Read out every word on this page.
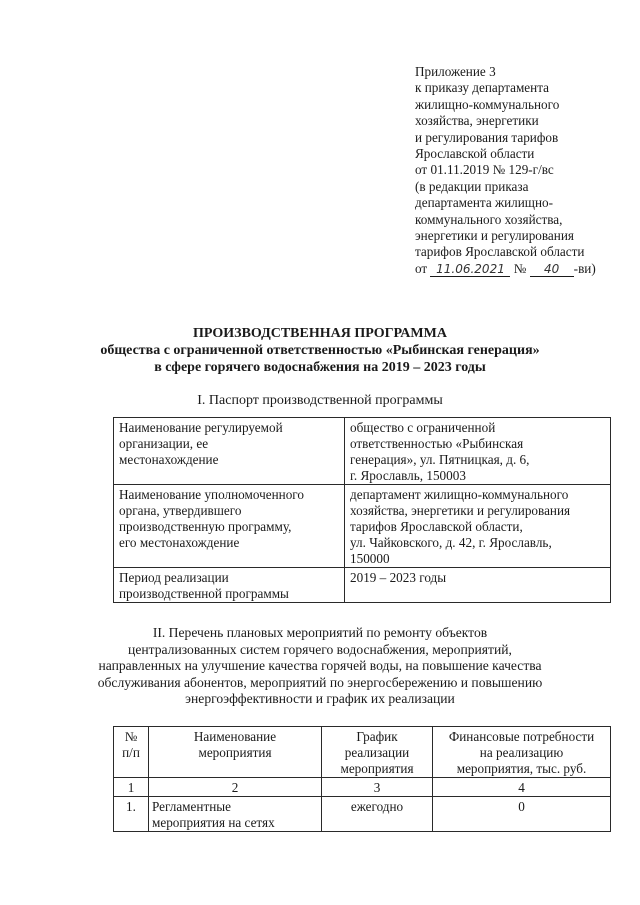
Приложение 3
к приказу департамента
жилищно-коммунального
хозяйства, энергетики
и регулирования тарифов
Ярославской области
от 01.11.2019 № 129-г/вс
(в редакции приказа
департамента жилищно-
коммунального хозяйства,
энергетики и регулирования
тарифов Ярославской области
от 11.06.2021 № 40 -ви)
ПРОИЗВОДСТВЕННАЯ ПРОГРАММА
общества с ограниченной ответственностью «Рыбинская генерация»
в сфере горячего водоснабжения на 2019 – 2023 годы
I. Паспорт производственной программы
Наименование регулируемой
организации, ее
местонахождение	общество с ограниченной
ответственностью «Рыбинская
генерация», ул. Пятницкая, д. 6,
г. Ярославль, 150003

Наименование уполномоченного
органа, утвердившего
производственную программу,
его местонахождение	департамент жилищно-коммунального
хозяйства, энергетики и регулирования
тарифов Ярославской области,
ул. Чайковского, д. 42, г. Ярославль,
150000

Период реализации
производственной программы	2019 – 2023 годы
II. Перечень плановых мероприятий по ремонту объектов
централизованных систем горячего водоснабжения, мероприятий,
направленных на улучшение качества горячей воды, на повышение качества
обслуживания абонентов, мероприятий по энергосбережению и повышению
энергоэффективности и график их реализации
№
п/п	Наименование
мероприятия	График
реализации
мероприятия	Финансовые потребности
на реализацию
мероприятия, тыс. руб.

1	2	3	4
1.	Регламентные
мероприятия на сетях	ежегодно	0
